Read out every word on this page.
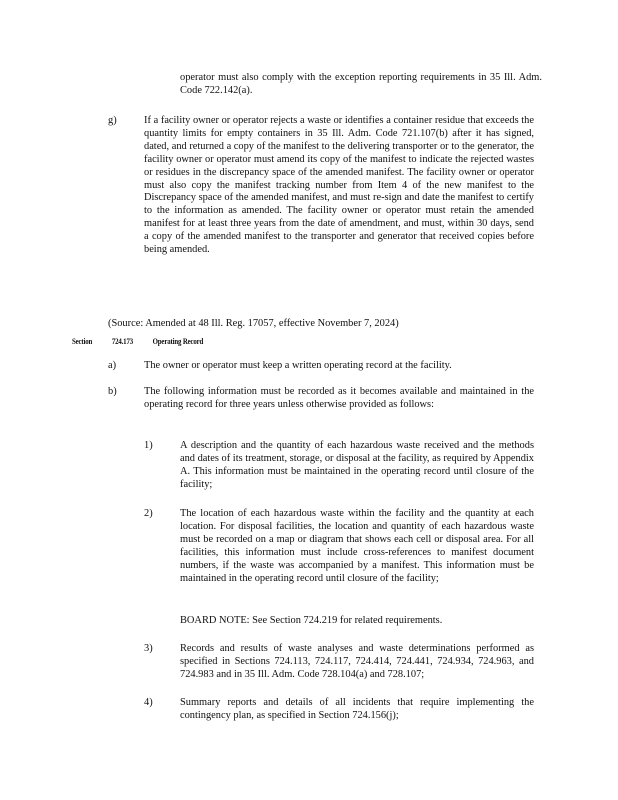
operator must also comply with the exception reporting requirements in 35 Ill. Adm. Code 722.142(a).

g)	If a facility owner or operator rejects a waste or identifies a container residue that exceeds the quantity limits for empty containers in 35 Ill. Adm. Code 721.107(b) after it has signed, dated, and returned a copy of the manifest to the delivering transporter or to the generator, the facility owner or operator must amend its copy of the manifest to indicate the rejected wastes or residues in the discrepancy space of the amended manifest. The facility owner or operator must also copy the manifest tracking number from Item 4 of the new manifest to the Discrepancy space of the amended manifest, and must re-sign and date the manifest to certify to the information as amended. The facility owner or operator must retain the amended manifest for at least three years from the date of amendment, and must, within 30 days, send a copy of the amended manifest to the transporter and generator that received copies before being amended.

(Source: Amended at 48 Ill. Reg. 17057, effective November 7, 2024)

Section 724.173 Operating Record
a)	The owner or operator must keep a written operating record at the facility.

b)	The following information must be recorded as it becomes available and maintained in the operating record for three years unless otherwise provided as follows:

1)	A description and the quantity of each hazardous waste received and the methods and dates of its treatment, storage, or disposal at the facility, as required by Appendix A. This information must be maintained in the operating record until closure of the facility;

2)	The location of each hazardous waste within the facility and the quantity at each location. For disposal facilities, the location and quantity of each hazardous waste must be recorded on a map or diagram that shows each cell or disposal area. For all facilities, this information must include cross-references to manifest document numbers, if the waste was accompanied by a manifest. This information must be maintained in the operating record until closure of the facility;

BOARD NOTE: See Section 724.219 for related requirements.

3)	Records and results of waste analyses and waste determinations performed as specified in Sections 724.113, 724.117, 724.414, 724.441, 724.934, 724.963, and 724.983 and in 35 Ill. Adm. Code 728.104(a) and 728.107;

4)	Summary reports and details of all incidents that require implementing the contingency plan, as specified in Section 724.156(j);
